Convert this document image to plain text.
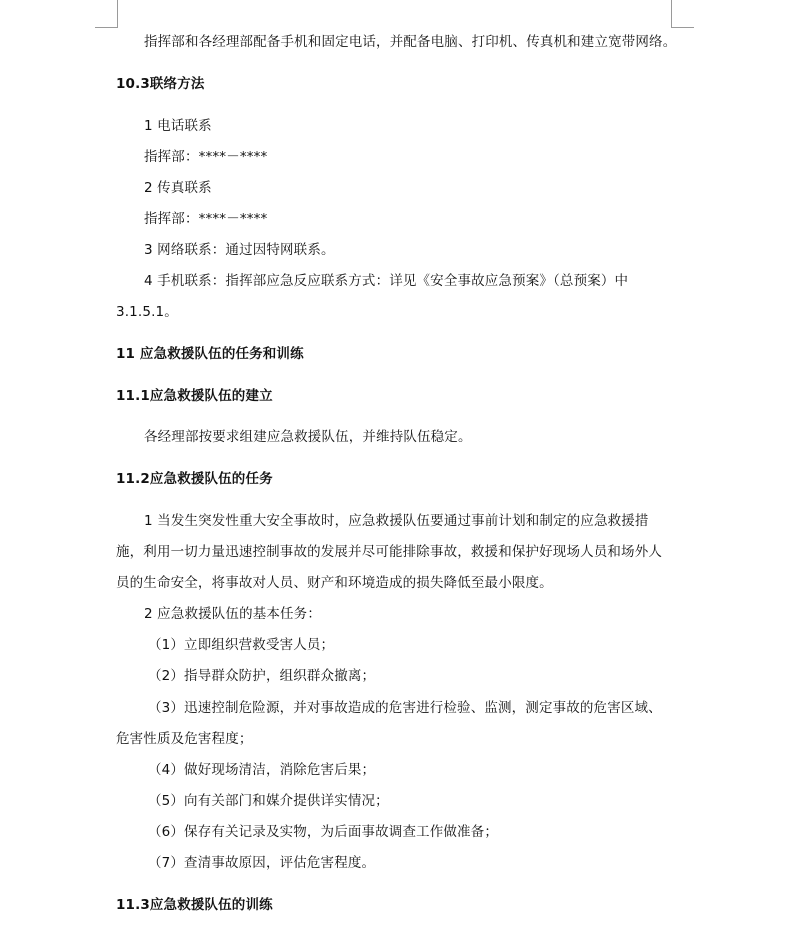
指挥部和各经理部配备手机和固定电话，并配备电脑、打印机、传真机和建立宽带网络。
10.3联络方法
1 电话联系
指挥部：****－****
2 传真联系
指挥部：****－****
3 网络联系：通过因特网联系。
4 手机联系：指挥部应急反应联系方式：详见《安全事故应急预案》（总预案）中
3.1.5.1。
11 应急救援队伍的任务和训练
11.1应急救援队伍的建立
各经理部按要求组建应急救援队伍，并维持队伍稳定。
11.2应急救援队伍的任务
1 当发生突发性重大安全事故时，应急救援队伍要通过事前计划和制定的应急救援措
施，利用一切力量迅速控制事故的发展并尽可能排除事故，救援和保护好现场人员和场外人
员的生命安全，将事故对人员、财产和环境造成的损失降低至最小限度。
2 应急救援队伍的基本任务：
（1）立即组织营救受害人员；
（2）指导群众防护，组织群众撤离；
（3）迅速控制危险源，并对事故造成的危害进行检验、监测，测定事故的危害区域、
危害性质及危害程度；
（4）做好现场清洁，消除危害后果；
（5）向有关部门和媒介提供详实情况；
（6）保存有关记录及实物，为后面事故调查工作做准备；
（7）查清事故原因，评估危害程度。
11.3应急救援队伍的训练
